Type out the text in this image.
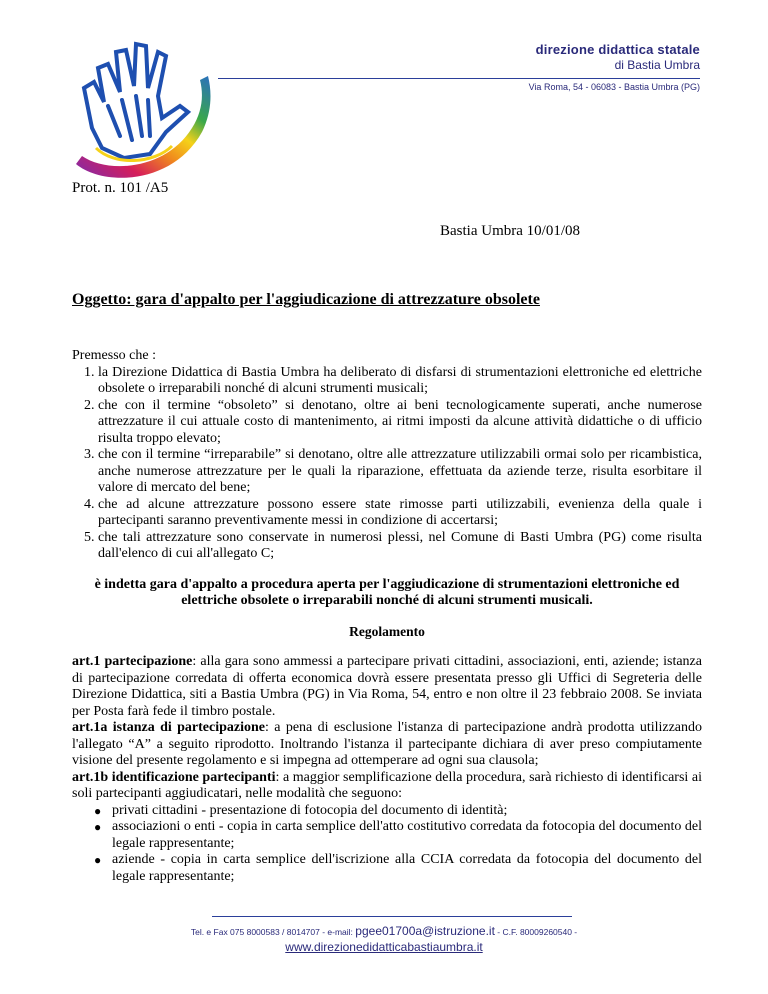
direzione didattica statale
di Bastia Umbra
Via Roma, 54 - 06083 - Bastia Umbra (PG)
Prot. n. 101 /A5
Bastia Umbra 10/01/08
Oggetto: gara d'appalto per l'aggiudicazione di attrezzature obsolete

Premesso che :

1. la Direzione Didattica di Bastia Umbra ha deliberato di disfarsi di strumentazioni elettroniche ed elettriche obsolete o irreparabili nonché di alcuni strumenti musicali;
2. che con il termine “obsoleto” si denotano, oltre ai beni tecnologicamente superati, anche numerose attrezzature il cui attuale costo di mantenimento, ai ritmi imposti da alcune attività didattiche o di ufficio risulta troppo elevato;
3. che con il termine “irreparabile” si denotano, oltre alle attrezzature utilizzabili ormai solo per ricambistica, anche numerose attrezzature per le quali la riparazione, effettuata da aziende terze, risulta esorbitare il valore di mercato del bene;
4. che ad alcune attrezzature possono essere state rimosse parti utilizzabili, evenienza della quale i partecipanti saranno preventivamente messi in condizione di accertarsi;
5. che tali attrezzature sono conservate in numerosi plessi, nel Comune di Basti Umbra (PG) come risulta dall'elenco di cui all'allegato C;

è indetta gara d'appalto a procedura aperta per l'aggiudicazione di strumentazioni elettroniche ed elettriche obsolete o irreparabili nonché di alcuni strumenti musicali.

Regolamento

art.1 partecipazione: alla gara sono ammessi a partecipare privati cittadini, associazioni, enti, aziende; istanza di partecipazione corredata di offerta economica dovrà essere presentata presso gli Uffici di Segreteria delle Direzione Didattica, siti a Bastia Umbra (PG) in Via Roma, 54, entro e non oltre il 23 febbraio 2008. Se inviata per Posta farà fede il timbro postale.

art.1a istanza di partecipazione: a pena di esclusione l'istanza di partecipazione andrà prodotta utilizzando l'allegato “A” a seguito riprodotto. Inoltrando l'istanza il partecipante dichiara di aver preso compiutamente visione del presente regolamento e si impegna ad ottemperare ad ogni sua clausola;

art.1b identificazione partecipanti: a maggior semplificazione della procedura, sarà richiesto di identificarsi ai soli partecipanti aggiudicatari, nelle modalità che seguono:

● privati cittadini - presentazione di fotocopia del documento di identità;
● associazioni o enti - copia in carta semplice dell'atto costitutivo corredata da fotocopia del documento del legale rappresentante;
● aziende - copia in carta semplice dell'iscrizione alla CCIA corredata da fotocopia del documento del legale rappresentante;
Tel. e Fax 075 8000583 / 8014707 - e-mail: pgee01700a@istruzione.it - C.F. 80009260540 -
www.direzionedidatticabastiaumbra.it
